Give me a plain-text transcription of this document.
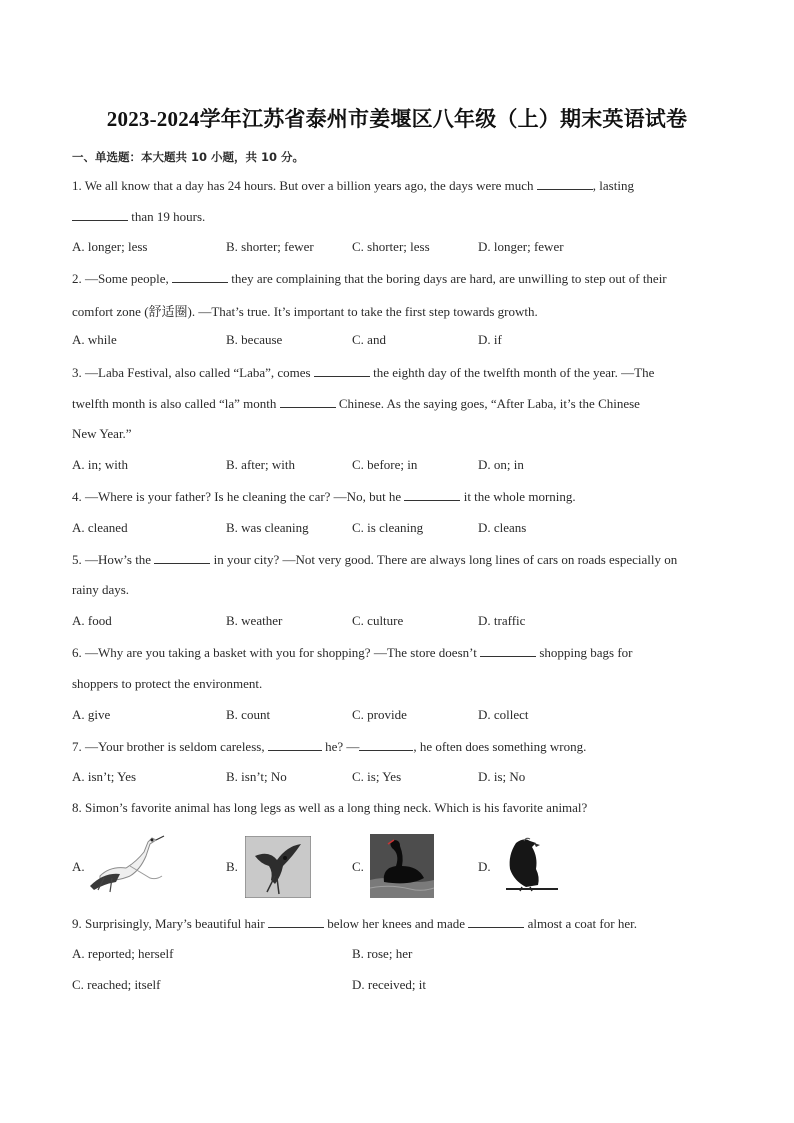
2023-2024学年江苏省泰州市姜堰区八年级（上）期末英语试卷
一、单选题：本大题共 10 小题，共 10 分。
1. We all know that a day has 24 hours. But over a billion years ago, the days were much	, lasting
than 19 hours.
A. longer; less	B. shorter; fewer	C. shorter; less	D. longer; fewer
2. —Some people,	they are complaining that the boring days are hard, are unwilling to step out of their
comfort zone (舒适圈). —That’s true. It’s important to take the first step towards growth.
A. while	B. because	C. and	D. if
3. —Laba Festival, also called “Laba”, comes	the eighth day of the twelfth month of the year. —The
twelfth month is also called “la” month	Chinese. As the saying goes, “After Laba, it’s the Chinese
New Year.”
A. in; with	B. after; with	C. before; in	D. on; in
4. —Where is your father? Is he cleaning the car? —No, but he	it the whole morning.
A. cleaned	B. was cleaning	C. is cleaning	D. cleans
5. —How’s the	in your city? —Not very good. There are always long lines of cars on roads especially on
rainy days.
A. food	B. weather	C. culture	D. traffic
6. —Why are you taking a basket with you for shopping? —The store doesn’t	shopping bags for
shoppers to protect the environment.
A. give	B. count	C. provide	D. collect
7. —Your brother is seldom careless,	he? —	, he often does something wrong.
A. isn’t; Yes	B. isn’t; No	C. is; Yes	D. is; No
8. Simon’s favorite animal has long legs as well as a long thing neck. Which is his favorite animal?
A.	B.	C.	D.
9. Surprisingly, Mary’s beautiful hair	below her knees and made	almost a coat for her.
A. reported; herself	B. rose; her
C. reached; itself	D. received; it
